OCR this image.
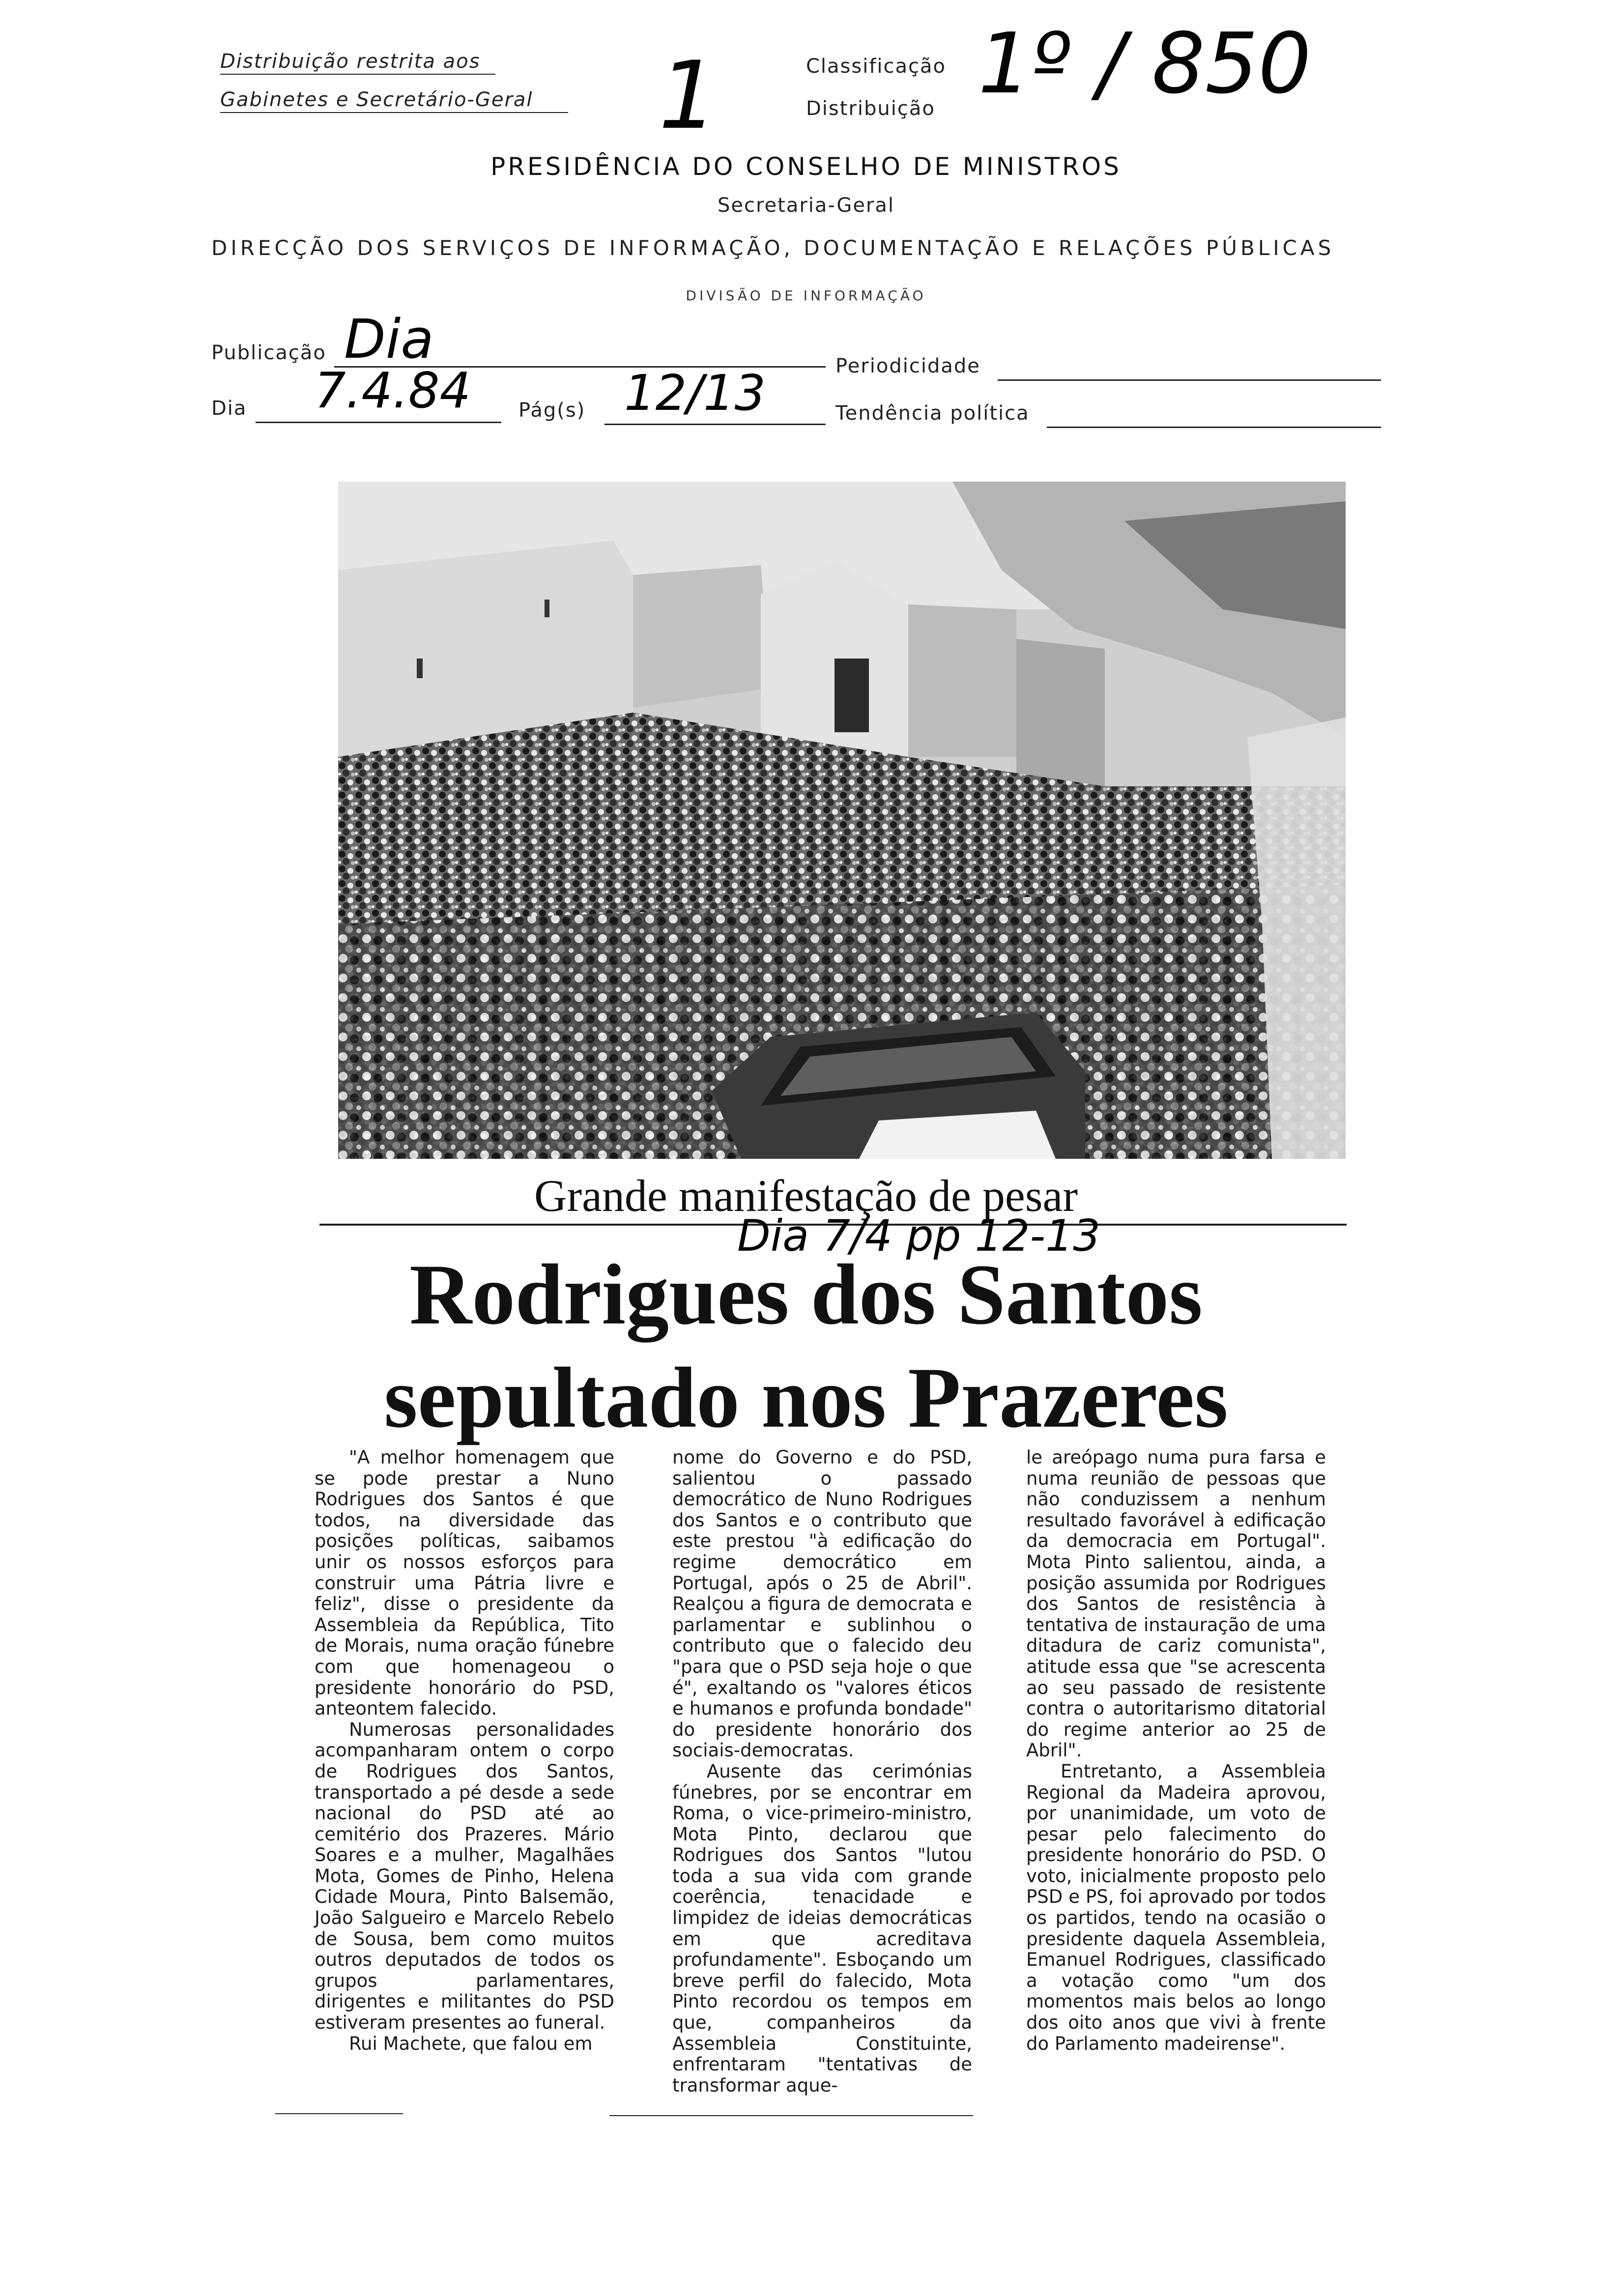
Distribuição restrita aos
Gabinetes e Secretário-Geral 1	Classificação
Distribuição 1º / 850
PRESIDÊNCIA DO CONSELHO DE MINISTROS
Secretaria-Geral
DIRECÇÃO DOS SERVIÇOS DE INFORMAÇÃO, DOCUMENTAÇÃO E RELAÇÕES PÚBLICAS
DIVISÃO DE INFORMAÇÃO
Publicação Dia	Periodicidade
Dia 7.4.84 Pág(s) 12/13	Tendência política
Grande manifestação de pesar
Dia 7/4 pp 12-13
Rodrigues dos Santos
sepultado nos Prazeres

"A melhor homenagem que se pode prestar a Nuno Rodrigues dos Santos é que todos, na diversidade das posições políticas, saibamos unir os nossos esforços para construir uma Pátria livre e feliz", disse o presidente da Assembleia da República, Tito de Morais, numa oração fúnebre com que homenageou o presidente honorário do PSD, anteontem falecido.

Numerosas personalidades acompanharam ontem o corpo de Rodrigues dos Santos, transportado a pé desde a sede nacional do PSD até ao cemitério dos Prazeres. Mário Soares e a mulher, Magalhães Mota, Gomes de Pinho, Helena Cidade Moura, Pinto Balsemão, João Salgueiro e Marcelo Rebelo de Sousa, bem como muitos outros deputados de todos os grupos parlamentares, dirigentes e militantes do PSD estiveram presentes ao funeral.

Rui Machete, que falou em

nome do Governo e do PSD, salientou o passado democrático de Nuno Rodrigues dos Santos e o contributo que este prestou "à edificação do regime democrático em Portugal, após o 25 de Abril". Realçou a figura de democrata e parlamentar e sublinhou o contributo que o falecido deu "para que o PSD seja hoje o que é", exaltando os "valores éticos e humanos e profunda bondade" do presidente honorário dos sociais-democratas.

Ausente das cerimónias fúnebres, por se encontrar em Roma, o vice-primeiro-ministro, Mota Pinto, declarou que Rodrigues dos Santos "lutou toda a sua vida com grande coerência, tenacidade e limpidez de ideias democráticas em que acreditava profundamente". Esboçando um breve perfil do falecido, Mota Pinto recordou os tempos em que, companheiros da Assembleia Constituinte, enfrentaram "tentativas de transformar aque-

le areópago numa pura farsa e numa reunião de pessoas que não conduzissem a nenhum resultado favorável à edificação da democracia em Portugal". Mota Pinto salientou, ainda, a posição assumida por Rodrigues dos Santos de resistência à tentativa de instauração de uma ditadura de cariz comunista", atitude essa que "se acrescenta ao seu passado de resistente contra o autoritarismo ditatorial do regime anterior ao 25 de Abril".

Entretanto, a Assembleia Regional da Madeira aprovou, por unanimidade, um voto de pesar pelo falecimento do presidente honorário do PSD. O voto, inicialmente proposto pelo PSD e PS, foi aprovado por todos os partidos, tendo na ocasião o presidente daquela Assembleia, Emanuel Rodrigues, classificado a votação como "um dos momentos mais belos ao longo dos oito anos que vivi à frente do Parlamento madeirense".
